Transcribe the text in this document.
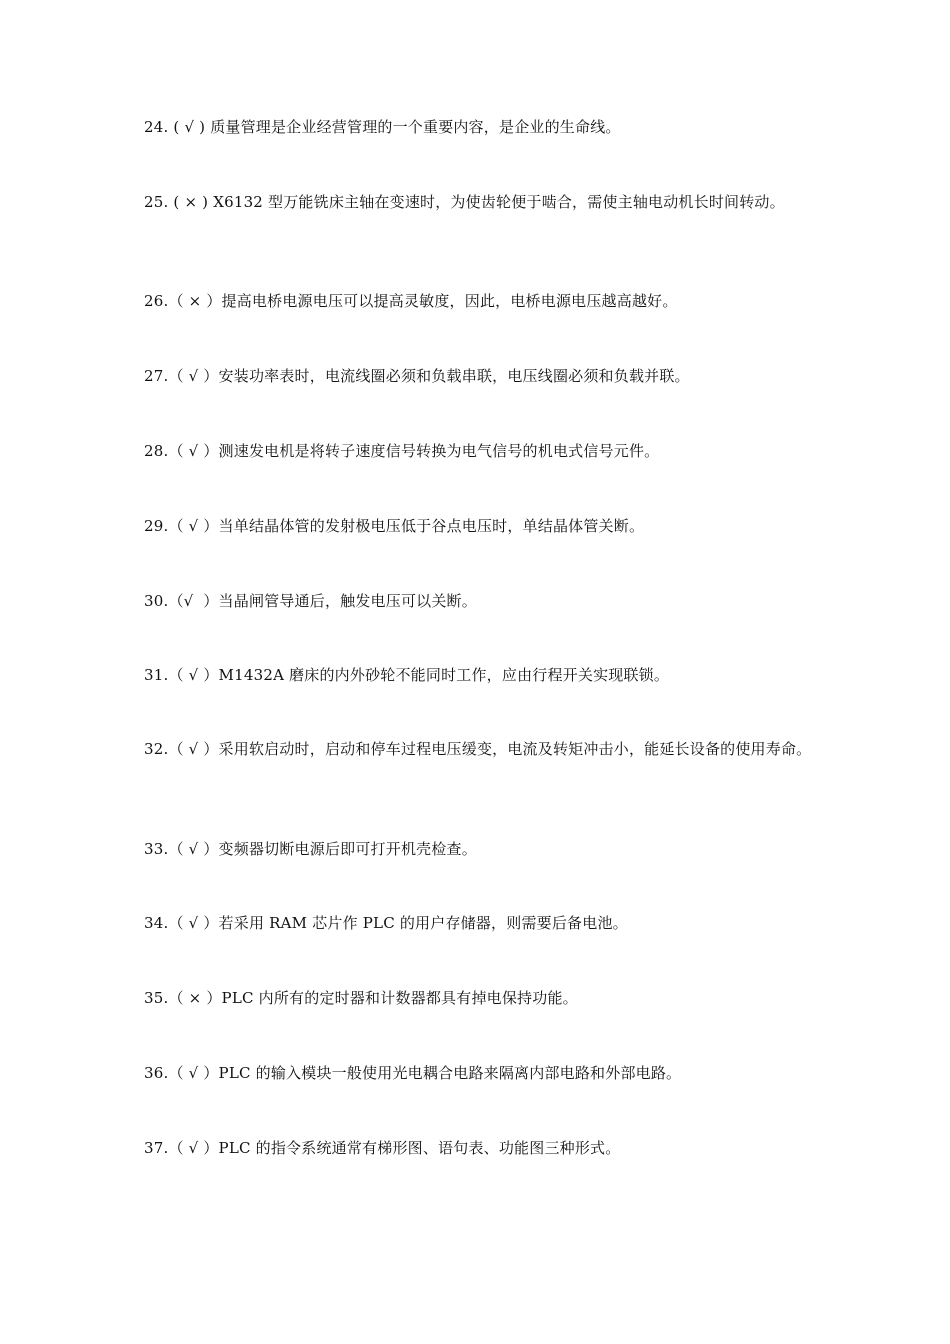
24. ( √ ) 质量管理是企业经营管理的一个重要内容，是企业的生命线。

25. ( × ) X6132 型万能铣床主轴在变速时，为使齿轮便于啮合，需使主轴电动机长时间转动。

26.（ × ）提高电桥电源电压可以提高灵敏度，因此，电桥电源电压越高越好。

27.（ √ ）安装功率表时，电流线圈必须和负载串联，电压线圈必须和负载并联。

28.（ √ ）测速发电机是将转子速度信号转换为电气信号的机电式信号元件。

29.（ √ ）当单结晶体管的发射极电压低于谷点电压时，单结晶体管关断。

30.（√  ）当晶闸管导通后，触发电压可以关断。

31.（ √ ）M1432A 磨床的内外砂轮不能同时工作，应由行程开关实现联锁。

32.（ √ ）采用软启动时，启动和停车过程电压缓变，电流及转矩冲击小，能延长设备的使用寿命。

33.（ √ ）变频器切断电源后即可打开机壳检查。

34.（ √ ）若采用 RAM 芯片作 PLC 的用户存储器，则需要后备电池。

35.（ × ）PLC 内所有的定时器和计数器都具有掉电保持功能。

36.（ √ ）PLC 的输入模块一般使用光电耦合电路来隔离内部电路和外部电路。

37.（ √ ）PLC 的指令系统通常有梯形图、语句表、功能图三种形式。
